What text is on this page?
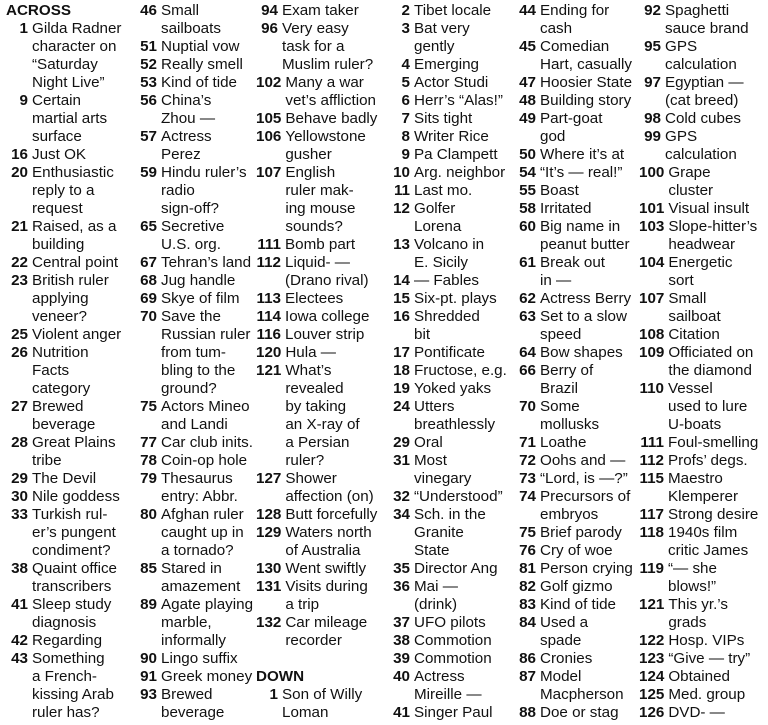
ACROSS
1 Gilda Radner
character on
“Saturday
Night Live”
9 Certain
martial arts
surface
16 Just OK
20 Enthusiastic
reply to a
request
21 Raised, as a
building
22 Central point
23 British ruler
applying
veneer?
25 Violent anger
26 Nutrition
Facts
category
27 Brewed
beverage
28 Great Plains
tribe
29 The Devil
30 Nile goddess
33 Turkish rul-
er’s pungent
condiment?
38 Quaint office
transcribers
41 Sleep study
diagnosis
42 Regarding
43 Something
a French-
kissing Arab
ruler has?
46 Small
sailboats
51 Nuptial vow
52 Really smell
53 Kind of tide
56 China’s
Zhou —
57 Actress
Perez
59 Hindu ruler’s
radio
sign-off?
65 Secretive
U.S. org.
67 Tehran’s land
68 Jug handle
69 Skye of film
70 Save the
Russian ruler
from tum-
bling to the
ground?
75 Actors Mineo
and Landi
77 Car club inits.
78 Coin-op hole
79 Thesaurus
entry: Abbr.
80 Afghan ruler
caught up in
a tornado?
85 Stared in
amazement
89 Agate playing
marble,
informally
90 Lingo suffix
91 Greek money
93 Brewed
beverage
94 Exam taker
96 Very easy
task for a
Muslim ruler?
102 Many a war
vet’s affliction
105 Behave badly
106 Yellowstone
gusher
107 English
ruler mak-
ing mouse
sounds?
111 Bomb part
112 Liquid- —
(Drano rival)
113 Electees
114 Iowa college
116 Louver strip
120 Hula —
121 What’s
revealed
by taking
an X-ray of
a Persian
ruler?
127 Shower
affection (on)
128 Butt forcefully
129 Waters north
of Australia
130 Went swiftly
131 Visits during
a trip
132 Car mileage
recorder
DOWN
1 Son of Willy
Loman
2 Tibet locale
3 Bat very
gently
4 Emerging
5 Actor Studi
6 Herr’s “Alas!”
7 Sits tight
8 Writer Rice
9 Pa Clampett
10 Arg. neighbor
11 Last mo.
12 Golfer
Lorena
13 Volcano in
E. Sicily
14 — Fables
15 Six-pt. plays
16 Shredded
bit
17 Pontificate
18 Fructose, e.g.
19 Yoked yaks
24 Utters
breathlessly
29 Oral
31 Most
vinegary
32 “Understood”
34 Sch. in the
Granite
State
35 Director Ang
36 Mai —
(drink)
37 UFO pilots
38 Commotion
39 Commotion
40 Actress
Mireille —
41 Singer Paul
44 Ending for
cash
45 Comedian
Hart, casually
47 Hoosier State
48 Building story
49 Part-goat
god
50 Where it’s at
54 “It’s — real!”
55 Boast
58 Irritated
60 Big name in
peanut butter
61 Break out
in —
62 Actress Berry
63 Set to a slow
speed
64 Bow shapes
66 Berry of
Brazil
70 Some
mollusks
71 Loathe
72 Oohs and —
73 “Lord, is —?”
74 Precursors of
embryos
75 Brief parody
76 Cry of woe
81 Person crying
82 Golf gizmo
83 Kind of tide
84 Used a
spade
86 Cronies
87 Model
Macpherson
88 Doe or stag
92 Spaghetti
sauce brand
95 GPS
calculation
97 Egyptian —
(cat breed)
98 Cold cubes
99 GPS
calculation
100 Grape
cluster
101 Visual insult
103 Slope-hitter’s
headwear
104 Energetic
sort
107 Small
sailboat
108 Citation
109 Officiated on
the diamond
110 Vessel
used to lure
U-boats
111 Foul-smelling
112 Profs’ degs.
115 Maestro
Klemperer
117 Strong desire
118 1940s film
critic James
119 “— she
blows!”
121 This yr.’s
grads
122 Hosp. VIPs
123 “Give — try”
124 Obtained
125 Med. group
126 DVD- —
